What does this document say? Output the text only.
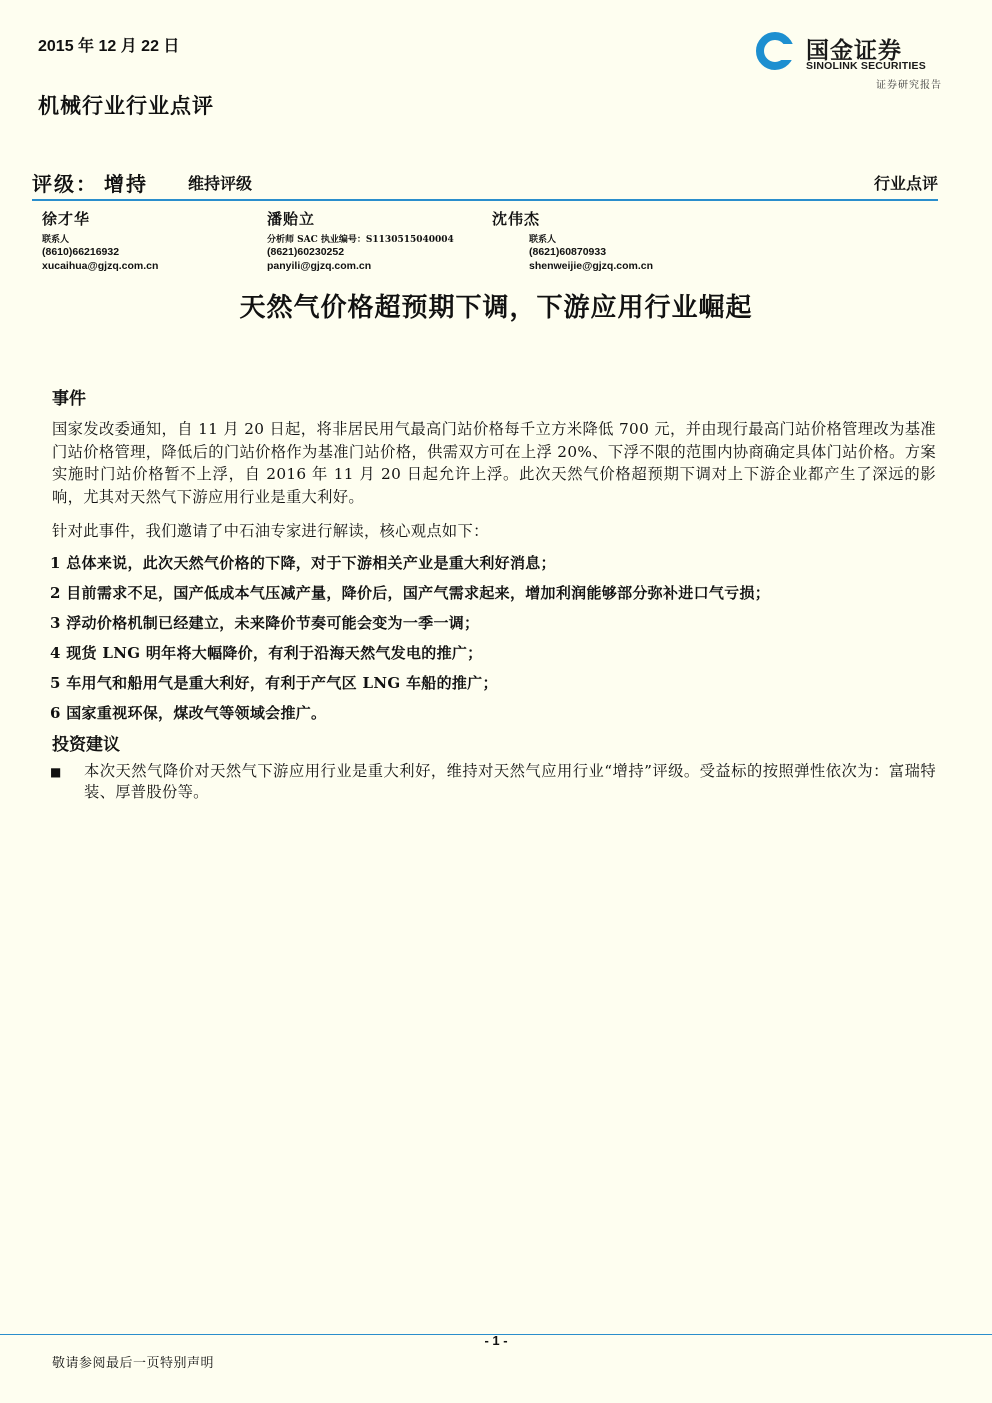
2015 年 12 月 22 日
机械行业行业点评
国金证券
SINOLINK SECURITIES
证券研究报告
评级： 增持	维持评级	行业点评
徐才华
联系人
(8610)66216932
xucaihua@gjzq.com.cn
潘贻立
分析师 SAC 执业编号：S1130515040004
(8621)60230252
panyili@gjzq.com.cn
沈伟杰
联系人
(8621)60870933
shenweijie@gjzq.com.cn
天然气价格超预期下调，下游应用行业崛起
事件
国家发改委通知，自 11 月 20 日起，将非居民用气最高门站价格每千立方米降低 700 元，并由现行最高门站价格管理改为基准门站价格管理，降低后的门站价格作为基准门站价格，供需双方可在上浮 20%、下浮不限的范围内协商确定具体门站价格。方案实施时门站价格暂不上浮，自 2016 年 11 月 20 日起允许上浮。此次天然气价格超预期下调对上下游企业都产生了深远的影响，尤其对天然气下游应用行业是重大利好。
针对此事件，我们邀请了中石油专家进行解读，核心观点如下：
1 总体来说，此次天然气价格的下降，对于下游相关产业是重大利好消息；
2 目前需求不足，国产低成本气压减产量，降价后，国产气需求起来，增加利润能够部分弥补进口气亏损；
3 浮动价格机制已经建立，未来降价节奏可能会变为一季一调；
4 现货 LNG 明年将大幅降价，有利于沿海天然气发电的推广；
5 车用气和船用气是重大利好，有利于产气区 LNG 车船的推广；
6 国家重视环保，煤改气等领域会推广。
投资建议
■ 本次天然气降价对天然气下游应用行业是重大利好，维持对天然气应用行业“增持”评级。受益标的按照弹性依次为：富瑞特装、厚普股份等。
- 1 -
敬请参阅最后一页特别声明
